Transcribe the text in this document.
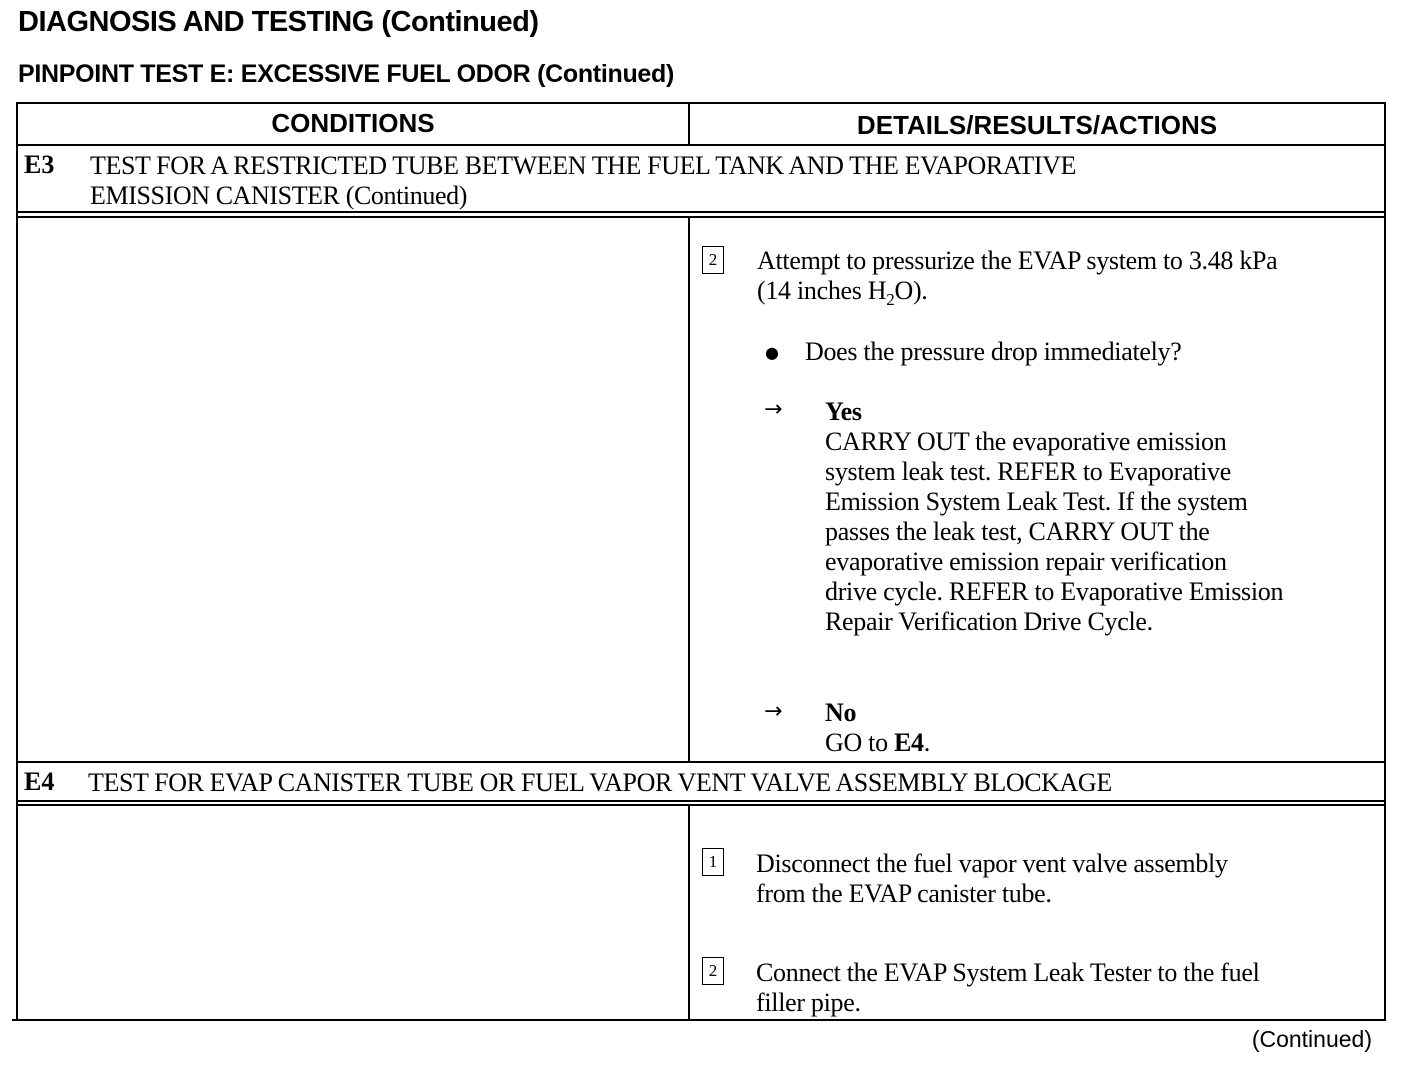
DIAGNOSIS AND TESTING (Continued)
PINPOINT TEST E: EXCESSIVE FUEL ODOR (Continued)
CONDITIONS	DETAILS/RESULTS/ACTIONS
E3 TEST FOR A RESTRICTED TUBE BETWEEN THE FUEL TANK AND THE EVAPORATIVE
EMISSION CANISTER (Continued)
2 Attempt to pressurize the EVAP system to 3.48 kPa
(14 inches $H_2O$).
● Does the pressure drop immediately?
→ Yes
CARRY OUT the evaporative emission
system leak test. REFER to Evaporative
Emission System Leak Test. If the system
passes the leak test, CARRY OUT the
evaporative emission repair verification
drive cycle. REFER to Evaporative Emission
Repair Verification Drive Cycle.
→ No
GO to E4.
E4 TEST FOR EVAP CANISTER TUBE OR FUEL VAPOR VENT VALVE ASSEMBLY BLOCKAGE
1 Disconnect the fuel vapor vent valve assembly
from the EVAP canister tube.
2 Connect the EVAP System Leak Tester to the fuel
filler pipe.
(Continued)
